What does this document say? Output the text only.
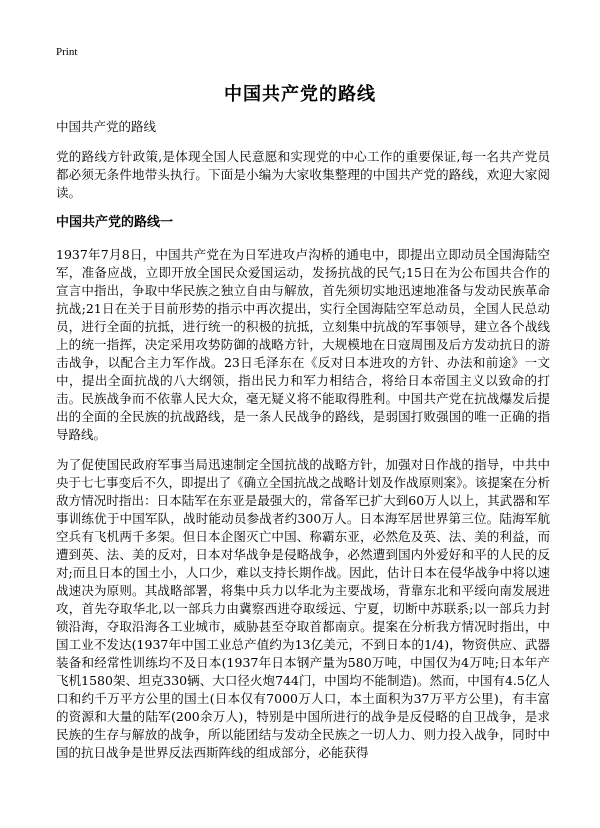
Print
中国共产党的路线
中国共产党的路线

党的路线方针政策,是体现全国人民意愿和实现党的中心工作的重要保证,每一名共产党员都必须无条件地带头执行。下面是小编为大家收集整理的中国共产党的路线，欢迎大家阅读。

中国共产党的路线一

1937年7月8日，中国共产党在为日军进攻卢沟桥的通电中，即提出立即动员全国海陆空军，准备应战，立即开放全国民众爱国运动，发扬抗战的民气;15日在为公布国共合作的宣言中指出，争取中华民族之独立自由与解放，首先须切实地迅速地准备与发动民族革命抗战;21日在关于目前形势的指示中再次提出，实行全国海陆空军总动员，全国人民总动员，进行全面的抗抵，进行统一的积极的抗抵，立刻集中抗战的军事领导，建立各个战线上的统一指挥，决定采用攻势防御的战略方针，大规模地在日寇周围及后方发动抗日的游击战争，以配合主力军作战。23日毛泽东在《反对日本进攻的方针、办法和前途》一文中，提出全面抗战的八大纲领，指出民力和军力相结合，将给日本帝国主义以致命的打击。民族战争而不依靠人民大众，毫无疑义将不能取得胜利。中国共产党在抗战爆发后提出的全面的全民族的抗战路线，是一条人民战争的路线，是弱国打败强国的唯一正确的指导路线。

为了促使国民政府军事当局迅速制定全国抗战的战略方针，加强对日作战的指导，中共中央于七七事变后不久，即提出了《确立全国抗战之战略计划及作战原则案》。该提案在分析敌方情况时指出：日本陆军在东亚是最强大的，常备军已扩大到60万人以上，其武器和军事训练优于中国军队，战时能动员参战者约300万人。日本海军居世界第三位。陆海军航空兵有飞机两千多架。但日本企图灭亡中国、称霸东亚，必然危及英、法、美的利益，而遭到英、法、美的反对，日本对华战争是侵略战争，必然遭到国内外爱好和平的人民的反对;而且日本的国土小，人口少，难以支持长期作战。因此，估计日本在侵华战争中将以速战速决为原则。其战略部署，将集中兵力以华北为主要战场，背靠东北和平绥向南发展进攻，首先夺取华北,以一部兵力由冀察西进夺取绥远、宁夏，切断中苏联系;以一部兵力封锁沿海，夺取沿海各工业城市，威胁甚至夺取首都南京。提案在分析我方情况时指出，中国工业不发达(1937年中国工业总产值约为13亿美元，不到日本的1/4)，物资供应、武器装备和经常性训练均不及日本(1937年日本钢产量为580万吨，中国仅为4万吨;日本年产飞机1580架、坦克330辆、大口径火炮744门，中国均不能制造)。然而，中国有4.5亿人口和约千万平方公里的国土(日本仅有7000万人口，本土面积为37万平方公里)，有丰富的资源和大量的陆军(200余万人)，特别是中国所进行的战争是反侵略的自卫战争，是求民族的生存与解放的战争，所以能团结与发动全民族之一切人力、则力投入战争，同时中国的抗日战争是世界反法西斯阵线的组成部分，必能获得
